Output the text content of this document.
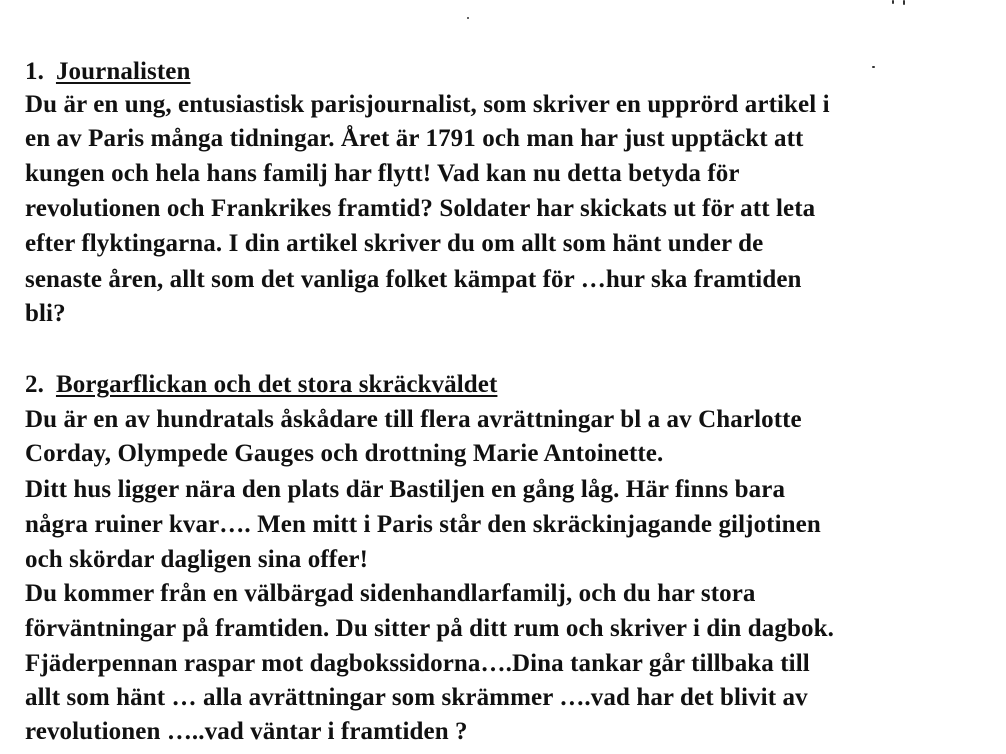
1. Journalisten
Du är en ung, entusiastisk parisjournalist, som skriver en upprörd artikel i
en av Paris många tidningar. Året är 1791 och man har just upptäckt att
kungen och hela hans familj har flytt! Vad kan nu detta betyda för
revolutionen och Frankrikes framtid? Soldater har skickats ut för att leta
efter flyktingarna. I din artikel skriver du om allt som hänt under de
senaste åren, allt som det vanliga folket kämpat för …hur ska framtiden
bli?
2. Borgarflickan och det stora skräckväldet
Du är en av hundratals åskådare till flera avrättningar bl a av Charlotte
Corday, Olympede Gauges och drottning Marie Antoinette.
Ditt hus ligger nära den plats där Bastiljen en gång låg. Här finns bara
några ruiner kvar…. Men mitt i Paris står den skräckinjagande giljotinen
och skördar dagligen sina offer!
Du kommer från en välbärgad sidenhandlarfamilj, och du har stora
förväntningar på framtiden. Du sitter på ditt rum och skriver i din dagbok.
Fjäderpennan raspar mot dagbokssidorna….Dina tankar går tillbaka till
allt som hänt … alla avrättningar som skrämmer ….vad har det blivit av
revolutionen …..vad väntar i framtiden ?
